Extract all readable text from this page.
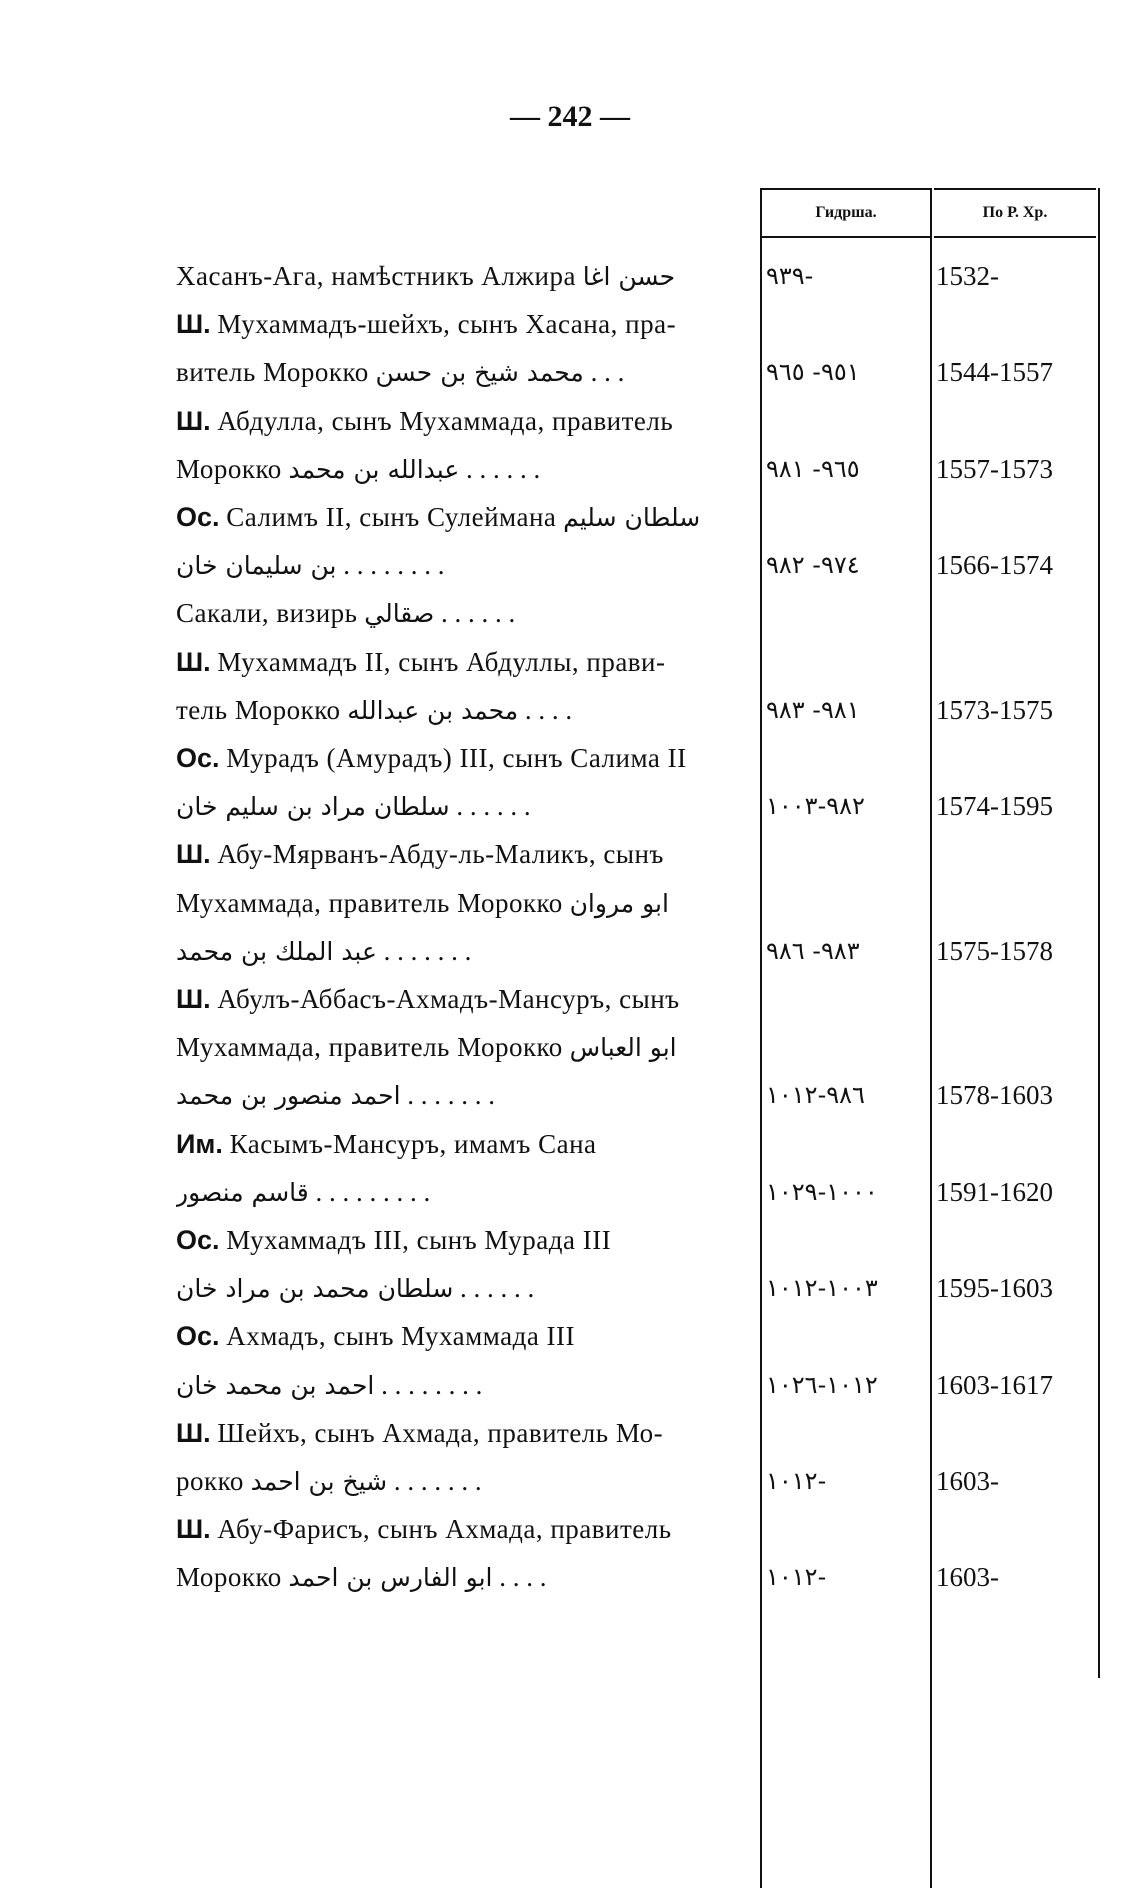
— 242 —
Гидрша.	По Р. Хр.
Хасанъ-Ага, намѣстникъ Алжира حسن اغا	٩٣٩-	1532-
Ш. Мухаммадъ-шейхъ, сынъ Хасана, пра-
витель Морокко محمد شيخ بن حسن . . .	٩٥١- ٩٦٥	1544-1557
Ш. Абдулла, сынъ Мухаммада, правитель
Морокко عبدالله بن محمد . . . . . .	٩٦٥- ٩٨١	1557-1573
Ос. Салимъ II, сынъ Сулейманa سلطان سليم
بن سليمان خان . . . . . . . .	٩٧٤- ٩٨٢	1566-1574
Сакали, визирь صقالي . . . . . .
Ш. Мухаммадъ II, сынъ Абдуллы, прави-
тель Морокко محمد بن عبدالله . . . .	٩٨١- ٩٨٣	1573-1575
Ос. Мурадъ (Амурадъ) III, сынъ Салима II
سلطان مراد بن سليم خان . . . . . .	٩٨٢-١٠٠٣	1574-1595
Ш. Абу-Мярванъ-Абду-ль-Маликъ, сынъ
Мухаммада, правитель Морокко ابو مروان
عبد الملك بن محمد . . . . . . .	٩٨٣- ٩٨٦	1575-1578
Ш. Абулъ-Аббасъ-Ахмадъ-Мансуръ, сынъ
Мухаммада, правитель Морокко ابو العباس
احمد منصور بن محمد . . . . . . .	٩٨٦-١٠١٢	1578-1603
Им. Касымъ-Мансуръ, имамъ Сана
قاسم منصور . . . . . . . . .	١٠٠٠-١٠٢٩	1591-1620
Ос. Мухаммадъ III, сынъ Мурада III
سلطان محمد بن مراد خان . . . . . .	١٠٠٣-١٠١٢	1595-1603
Ос. Ахмадъ, сынъ Мухаммада III
احمد بن محمد خان . . . . . . . .	١٠١٢-١٠٢٦	1603-1617
Ш. Шейхъ, сынъ Ахмада, правитель Мо-
рокко شيخ بن احمد . . . . . . .	١٠١٢-	1603-
Ш. Абу-Фарисъ, сынъ Ахмада, правитель
Морокко ابو الفارس بن احمد . . . .	١٠١٢-	1603-
